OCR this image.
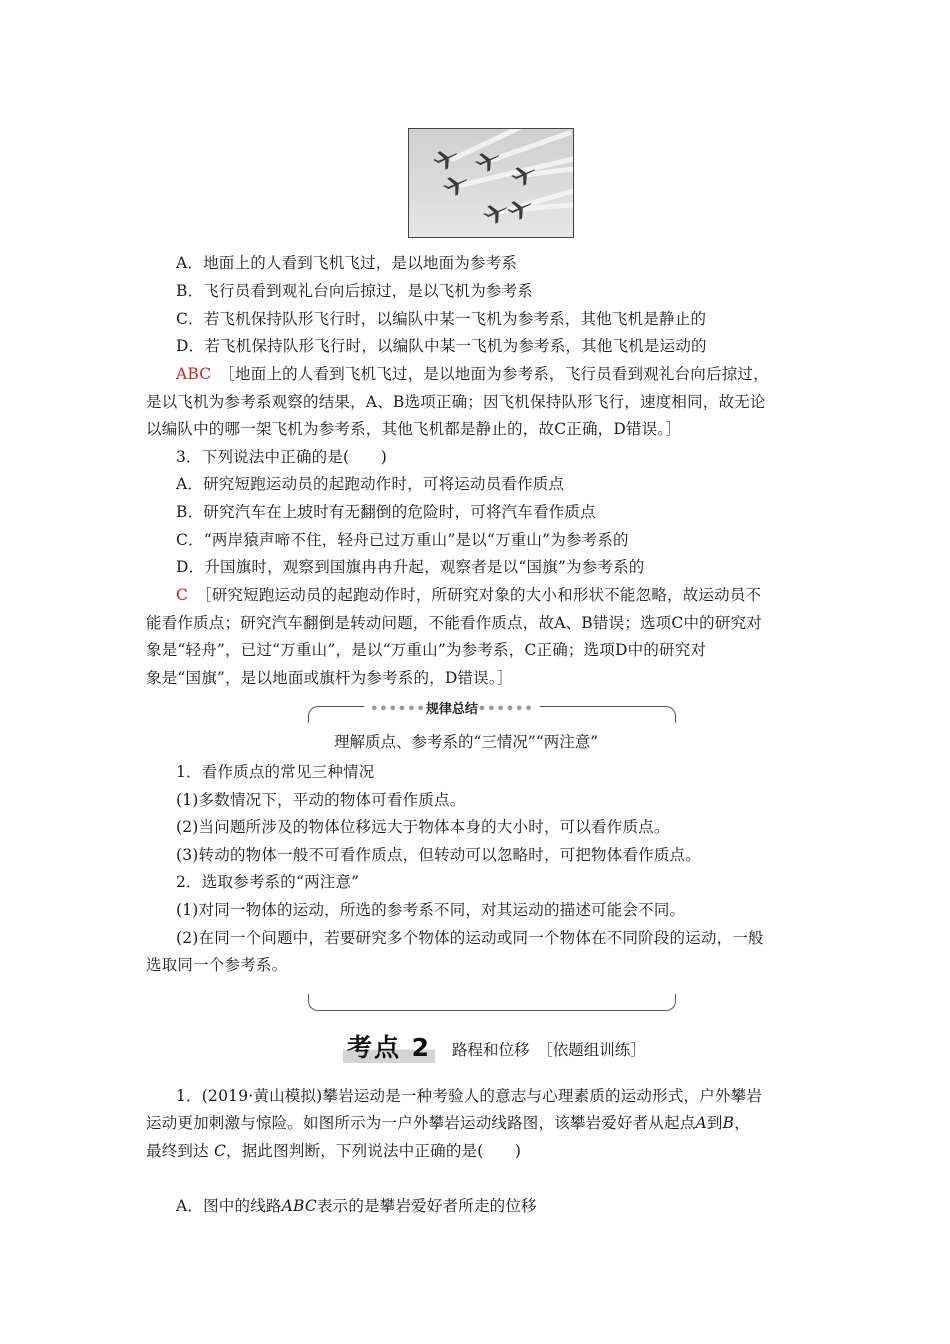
A．地面上的人看到飞机飞过，是以地面为参考系
B．飞行员看到观礼台向后掠过，是以飞机为参考系
C．若飞机保持队形飞行时，以编队中某一飞机为参考系，其他飞机是静止的
D．若飞机保持队形飞行时，以编队中某一飞机为参考系，其他飞机是运动的
ABC　 ［地面上的人看到飞机飞过，是以地面为参考系，飞行员看到观礼台向后掠过，
是以飞机为参考系观察的结果，A、B选项正确；因飞机保持队形飞行，速度相同，故无论
以编队中的哪一架飞机为参考系，其他飞机都是静止的，故C正确，D错误。］
3．下列说法中正确的是(　　)
A．研究短跑运动员的起跑动作时，可将运动员看作质点
B．研究汽车在上坡时有无翻倒的危险时，可将汽车看作质点
C．“两岸猿声啼不住，轻舟已过万重山”是以“万重山”为参考系的
D．升国旗时，观察到国旗冉冉升起，观察者是以“国旗”为参考系的
C　 ［研究短跑运动员的起跑动作时，所研究对象的大小和形状不能忽略，故运动员不
能看作质点；研究汽车翻倒是转动问题，不能看作质点，故A、B错误；选项C中的研究对
象是“轻舟”，已过“万重山”，是以“万重山”为参考系，C正确；选项D中的研究对
象是“国旗”，是以地面或旗杆为参考系的，D错误。］
••••••规律总结••••••
理解质点、参考系的“三情况”“两注意”
1．看作质点的常见三种情况
(1)多数情况下，平动的物体可看作质点。
(2)当问题所涉及的物体位移远大于物体本身的大小时，可以看作质点。
(3)转动的物体一般不可看作质点，但转动可以忽略时，可把物体看作质点。
2．选取参考系的“两注意”
(1)对同一物体的运动，所选的参考系不同，对其运动的描述可能会不同。
(2)在同一个问题中，若要研究多个物体的运动或同一个物体在不同阶段的运动，一般
选取同一个参考系。
考点 2 路程和位移　［依题组训练］
1．(2019·黄山模拟)攀岩运动是一种考验人的意志与心理素质的运动形式，户外攀岩
运动更加刺激与惊险。如图所示为一户外攀岩运动线路图，该攀岩爱好者从起点A到B，
最终到达 C，据此图判断，下列说法中正确的是(　　)
A．图中的线路ABC表示的是攀岩爱好者所走的位移
